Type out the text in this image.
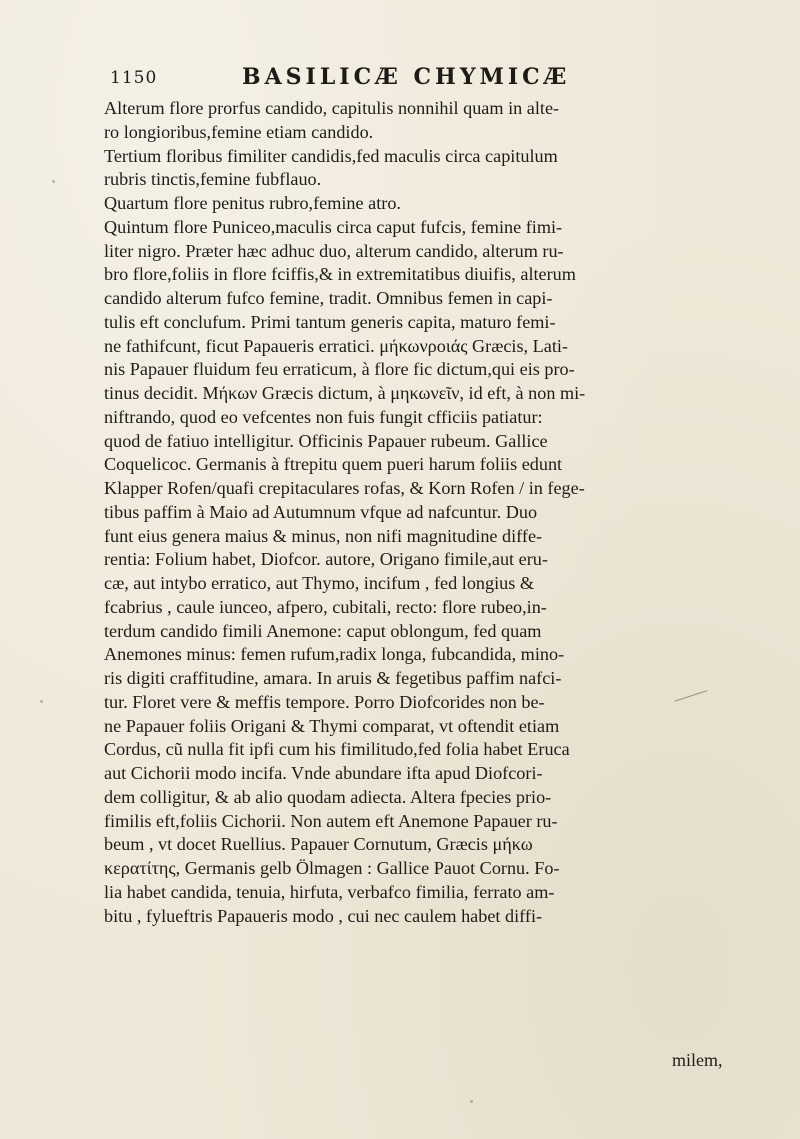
1150	BASILICÆ CHYMICÆ
Alterum flore prorfus candido, capitulis nonnihil quam in alte-
ro longioribus,femine etiam candido.
Tertium floribus fimiliter candidis,fed maculis circa capitulum
rubris tinctis,femine fubflauo.
Quartum flore penitus rubro,femine atro.
Quintum flore Puniceo,maculis circa caput fufcis, femine fimi-
liter nigro. Præter hæc adhuc duo, alterum candido, alterum ru-
bro flore,foliis in flore fciffis,& in extremitatibus diuifis, alterum
candido alterum fufco femine, tradit. Omnibus femen in capi-
tulis eft conclufum. Primi tantum generis capita, maturo femi-
ne fathifcunt, ficut Papaueris erratici. μήκωνροιάς Græcis, Lati-
nis Papauer fluidum feu erraticum, à flore fic dictum,qui eis pro-
tinus decidit. Μήκων Græcis dictum, à μηκωνεῖν, id eft, à non mi-
niftrando, quod eo vefcentes non fuis fungit cfficiis patiatur:
quod de fatiuo intelligitur. Officinis Papauer rubeum. Gallice
Coquelicoc. Germanis à ftrepitu quem pueri harum foliis edunt
Klapper Rofen/quafi crepitaculares rofas, & Korn Rofen / in fege-
tibus paffim à Maio ad Autumnum vfque ad nafcuntur. Duo
funt eius genera maius & minus, non nifi magnitudine diffe-
rentia: Folium habet, Diofcor. autore, Origano fimile,aut eru-
cæ, aut intybo erratico, aut Thymo, incifum , fed longius &
fcabrius , caule iunceo, afpero, cubitali, recto: flore rubeo,in-
terdum candido fimili Anemone: caput oblongum, fed quam
Anemones minus: femen rufum,radix longa, fubcandida, mino-
ris digiti craffitudine, amara. In aruis & fegetibus paffim nafci-
tur. Floret vere & meffis tempore. Porro Diofcorides non be-
ne Papauer foliis Origani & Thymi comparat, vt oftendit etiam
Cordus, cũ nulla fit ipfi cum his fimilitudo,fed folia habet Eruca
aut Cichorii modo incifa. Vnde abundare ifta apud Diofcori-
dem colligitur, & ab alio quodam adiecta. Altera fpecies prio-
fimilis eft,foliis Cichorii. Non autem eft Anemone Papauer ru-
beum , vt docet Ruellius. Papauer Cornutum, Græcis μήκω
κερατίτης, Germanis gelb Ölmagen : Gallice Pauot Cornu. Fo-
lia habet candida, tenuia, hirfuta, verbafco fimilia, ferrato am-
bitu , fylueftris Papaueris modo , cui nec caulem habet diffi-
milem,
